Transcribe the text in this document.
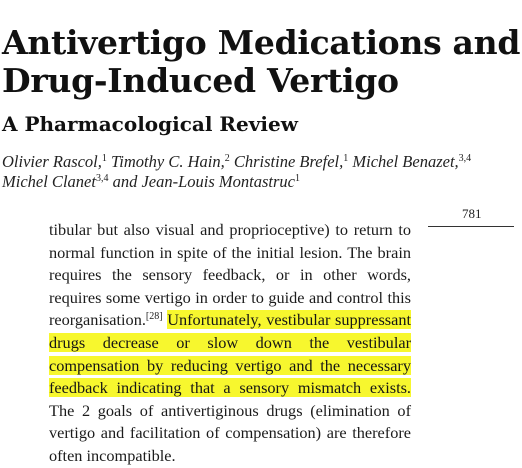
Antivertigo Medications and
Drug-Induced Vertigo
A Pharmacological Review
Olivier Rascol,$^1$ Timothy C. Hain,$^2$ Christine Brefel,$^1$ Michel Benazet,$^{3,4}$
Michel Clanet$^{3,4}$ and Jean-Louis Montastruc$^1$
781

tibular but also visual and proprioceptive) to return to normal function in spite of the initial lesion. The brain requires the sensory feedback, or in other words, requires some vertigo in order to guide and control this reorganisation.[28] Unfortunately, vestibular suppressant drugs decrease or slow down the vestibular compensation by reducing vertigo and the necessary feedback indicating that a sensory mismatch exists. The 2 goals of antivertiginous drugs (elimination of vertigo and facilitation of compensation) are therefore often incompatible.
